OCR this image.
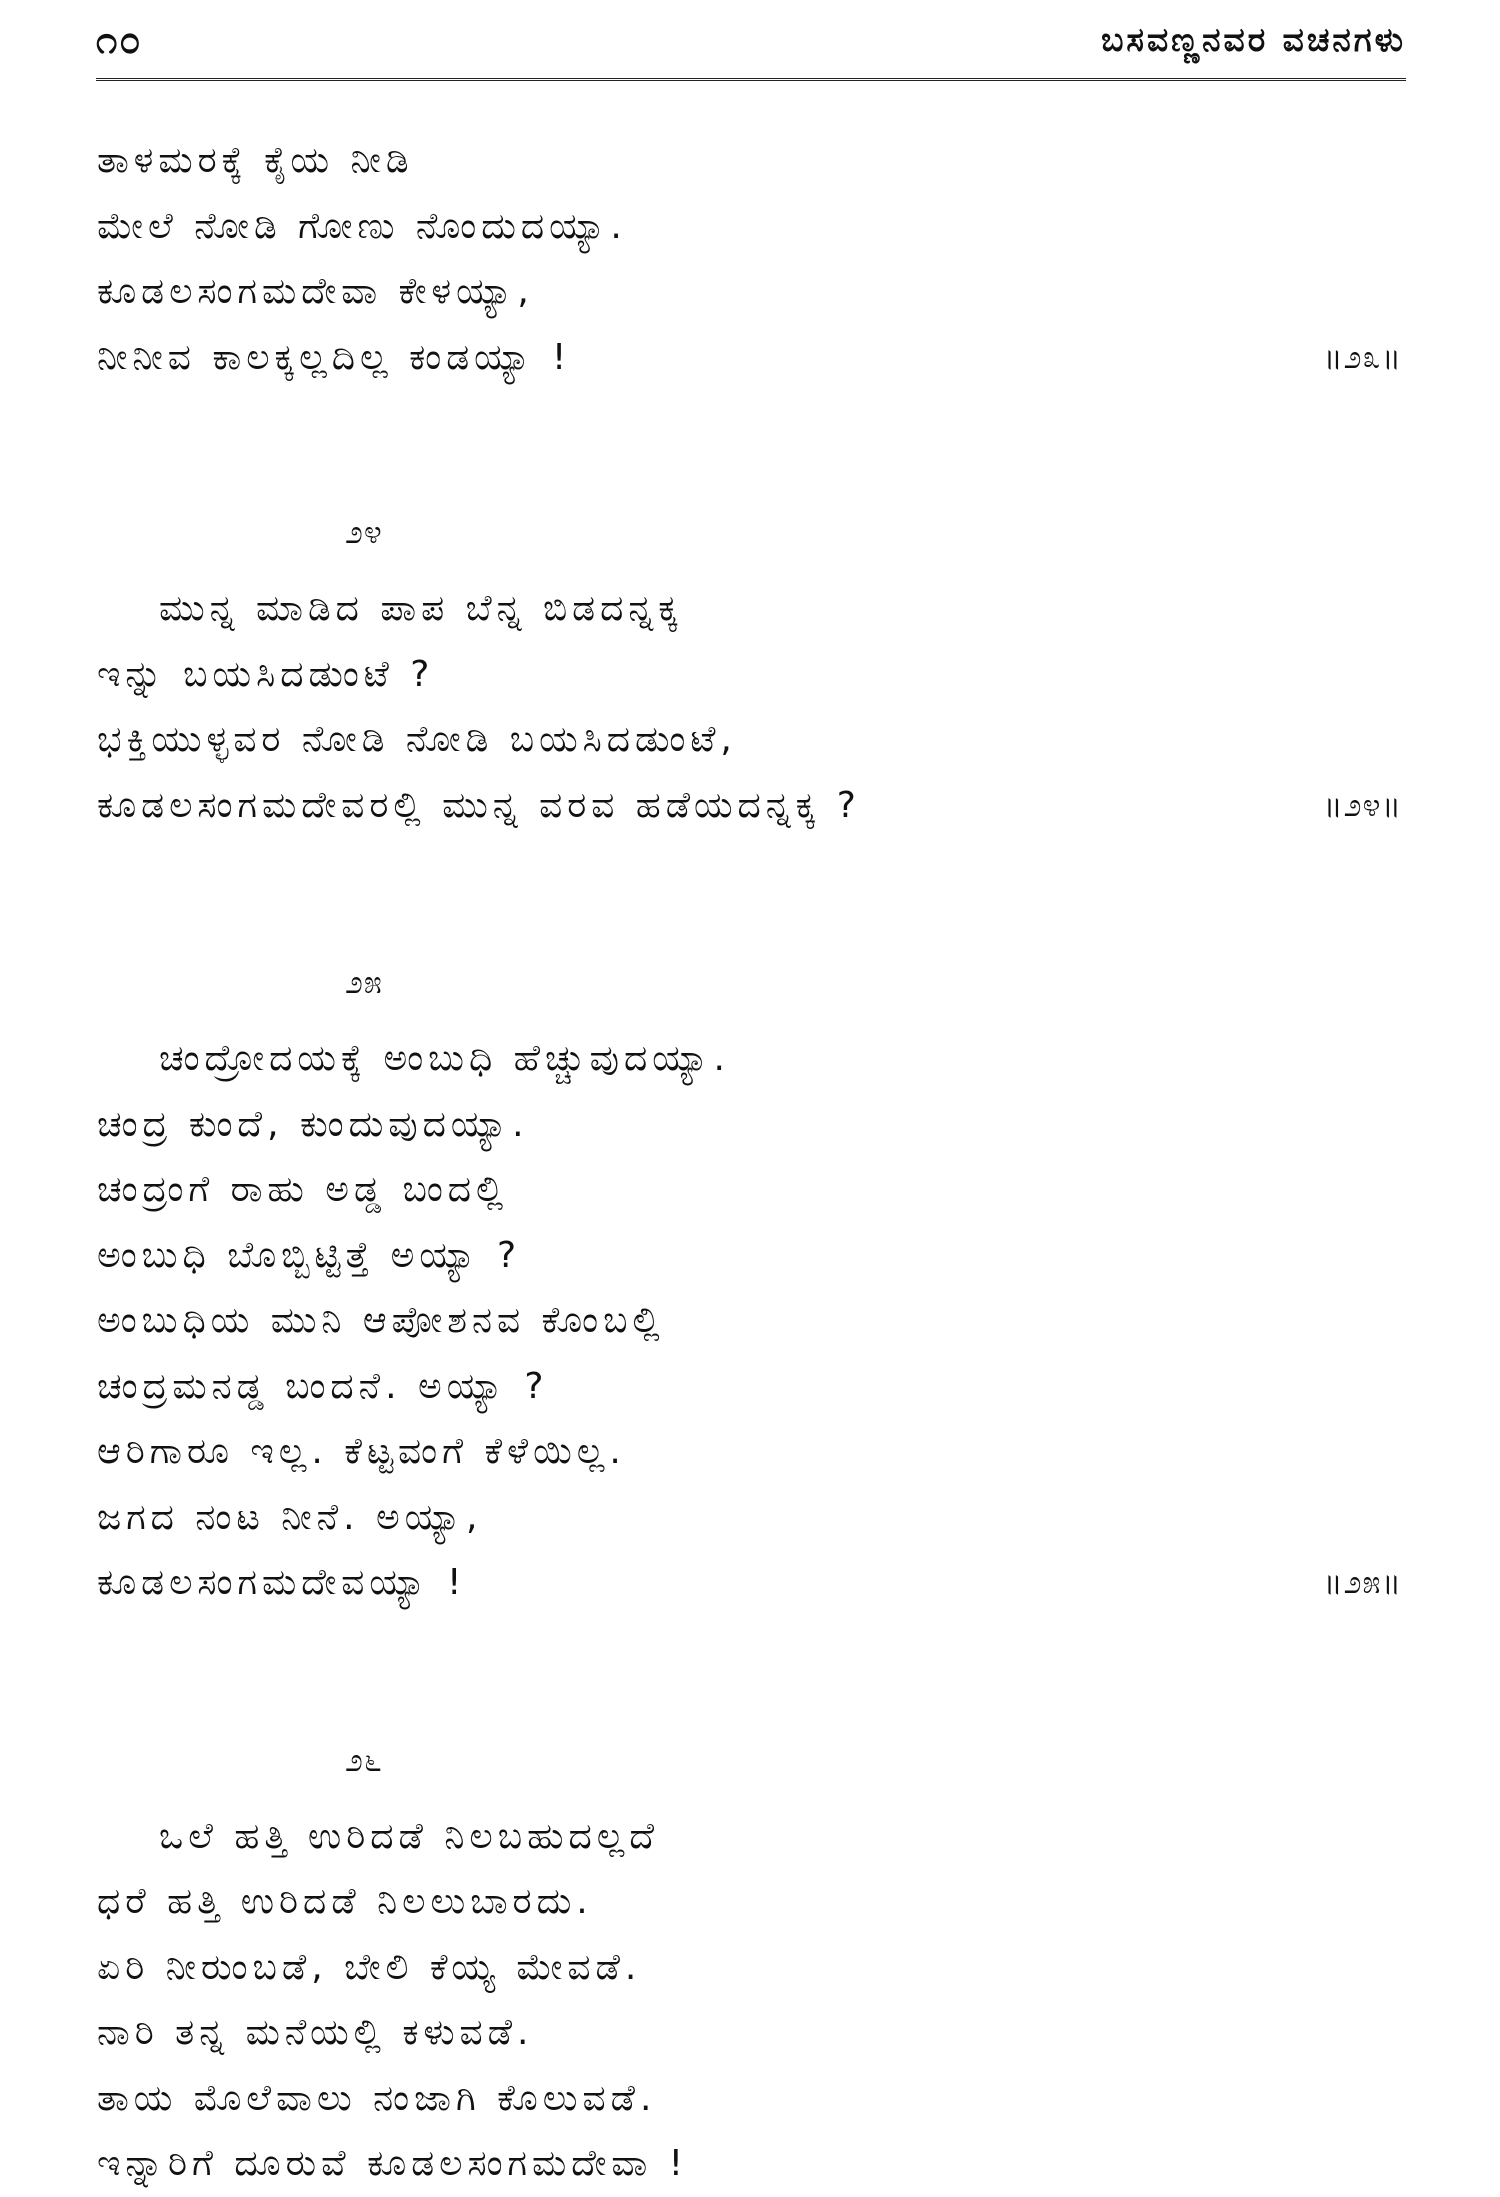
೧೦	ಬಸವಣ್ಣನವರ ವಚನಗಳು
ತಾಳಮರಕ್ಕೆ ಕೈಯ ನೀಡಿ
ಮೇಲೆ ನೋಡಿ ಗೋಣು ನೊಂದುದಯ್ಯಾ.
ಕೂಡಲಸಂಗಮದೇವಾ ಕೇಳಯ್ಯಾ,
ನೀನೀವ ಕಾಲಕ್ಕಲ್ಲದಿಲ್ಲ ಕಂಡಯ್ಯಾ !	॥೨೩॥
೨೪
ಮುನ್ನ ಮಾಡಿದ ಪಾಪ ಬೆನ್ನ ಬಿಡದನ್ನಕ್ಕ
ಇನ್ನು ಬಯಸಿದಡುಂಟೆ ?
ಭಕ್ತಿಯುಳ್ಳವರ ನೋಡಿ ನೋಡಿ ಬಯಸಿದಡುಂಟೆ,
ಕೂಡಲಸಂಗಮದೇವರಲ್ಲಿ ಮುನ್ನ ವರವ ಹಡೆಯದನ್ನಕ್ಕ ?	॥೨೪॥
೨೫
ಚಂದ್ರೋದಯಕ್ಕೆ ಅಂಬುಧಿ ಹೆಚ್ಚುವುದಯ್ಯಾ.
ಚಂದ್ರ ಕುಂದೆ, ಕುಂದುವುದಯ್ಯಾ.
ಚಂದ್ರಂಗೆ ರಾಹು ಅಡ್ಡ ಬಂದಲ್ಲಿ
ಅಂಬುಧಿ ಬೊಬ್ಬಿಟ್ಟಿತ್ತೆ ಅಯ್ಯಾ ?
ಅಂಬುಧಿಯ ಮುನಿ ಆಪೋಶನವ ಕೊಂಬಲ್ಲಿ
ಚಂದ್ರಮನಡ್ಡ ಬಂದನೆ. ಅಯ್ಯಾ ?
ಆರಿಗಾರೂ ಇಲ್ಲ. ಕೆಟ್ಟವಂಗೆ ಕೆಳೆಯಿಲ್ಲ.
ಜಗದ ನಂಟ ನೀನೆ. ಅಯ್ಯಾ,
ಕೂಡಲಸಂಗಮದೇವಯ್ಯಾ !	॥೨೫॥
೨೬
ಒಲೆ ಹತ್ತಿ ಉರಿದಡೆ ನಿಲಬಹುದಲ್ಲದೆ
ಧರೆ ಹತ್ತಿ ಉರಿದಡೆ ನಿಲಲುಬಾರದು.
ಏರಿ ನೀರುಂಬಡೆ, ಬೇಲಿ ಕೆಯ್ಯ ಮೇವಡೆ.
ನಾರಿ ತನ್ನ ಮನೆಯಲ್ಲಿ ಕಳುವಡೆ.
ತಾಯ ಮೊಲೆವಾಲು ನಂಜಾಗಿ ಕೊಲುವಡೆ.
ಇನ್ನಾರಿಗೆ ದೂರುವೆ ಕೂಡಲಸಂಗಮದೇವಾ !
